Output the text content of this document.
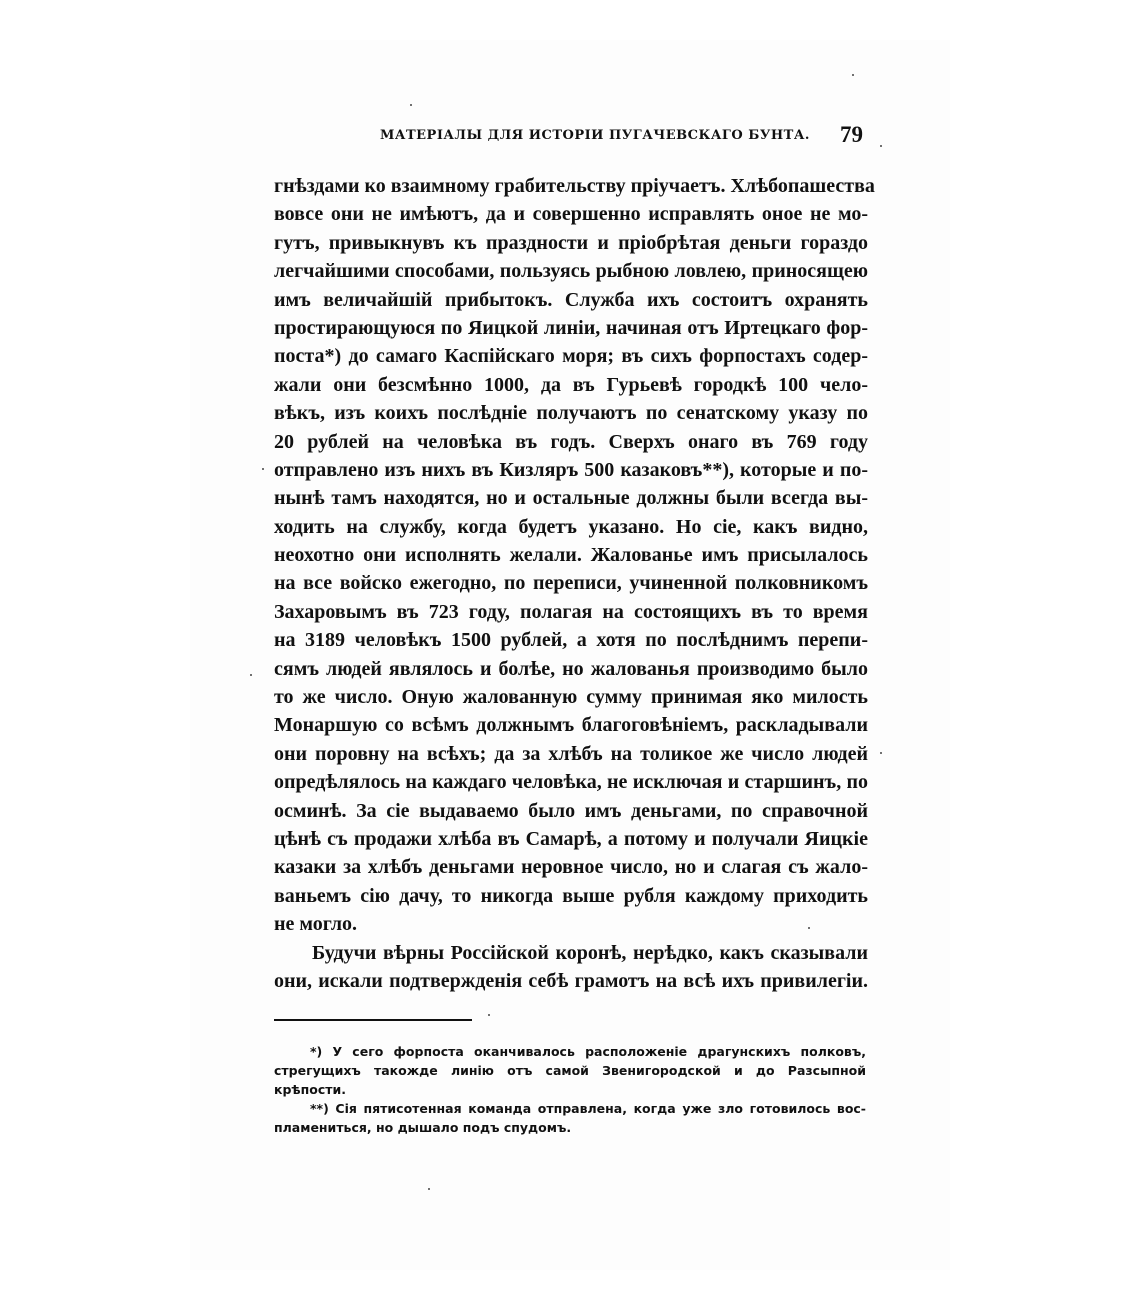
МАТЕРІАЛЫ ДЛЯ ИСТОРІИ ПУГАЧЕВСКАГО БУНТА. 79
гнѣздами ко взаимному грабительству пріучаетъ. Хлѣбопашества
вовсе они не имѣютъ, да и совершенно исправлять оное не мо-
гутъ, привыкнувъ къ праздности и пріобрѣтая деньги гораздо
легчайшими способами, пользуясь рыбною ловлею, приносящею
имъ величайшій прибытокъ. Служба ихъ состоитъ охранять
простирающуюся по Яицкой линіи, начиная отъ Иртецкаго фор-
поста*) до самаго Каспійскаго моря; въ сихъ форпостахъ содер-
жали они безсмѣнно 1000, да въ Гурьевѣ городкѣ 100 чело-
вѣкъ, изъ коихъ послѣдніе получаютъ по сенатскому указу по
20 рублей на человѣка въ годъ. Сверхъ онаго въ 769 году
отправлено изъ нихъ въ Кизляръ 500 казаковъ**), которые и по-
нынѣ тамъ находятся, но и остальные должны были всегда вы-
ходить на службу, когда будетъ указано. Но сіе, какъ видно,
неохотно они исполнять желали. Жалованье имъ присылалось
на все войско ежегодно, по переписи, учиненной полковникомъ
Захаровымъ въ 723 году, полагая на состоящихъ въ то время
на 3189 человѣкъ 1500 рублей, а хотя по послѣднимъ перепи-
сямъ людей являлось и болѣе, но жалованья производимо было
то же число. Оную жалованную сумму принимая яко милость
Монаршую со всѣмъ должнымъ благоговѣніемъ, раскладывали
они поровну на всѣхъ; да за хлѣбъ на толикое же число людей
опредѣлялось на каждаго человѣка, не исключая и старшинъ, по
осминѣ. За сіе выдаваемо было имъ деньгами, по справочной
цѣнѣ съ продажи хлѣба въ Самарѣ, а потому и получали Яицкіе
казаки за хлѣбъ деньгами неровное число, но и слагая съ жало-
ваньемъ сію дачу, то никогда выше рубля каждому приходить
не могло.
Будучи вѣрны Россійской коронѣ, нерѣдко, какъ сказывали
они, искали подтвержденія себѣ грамотъ на всѣ ихъ привилегіи.
*) У сего форпоста оканчивалось расположеніе драгунскихъ полковъ,
стрегущихъ такожде линію отъ самой Звенигородской и до Разсыпной
крѣпости.
**) Сія пятисотенная команда отправлена, когда уже зло готовилось вос-
пламениться, но дышало подъ спудомъ.
